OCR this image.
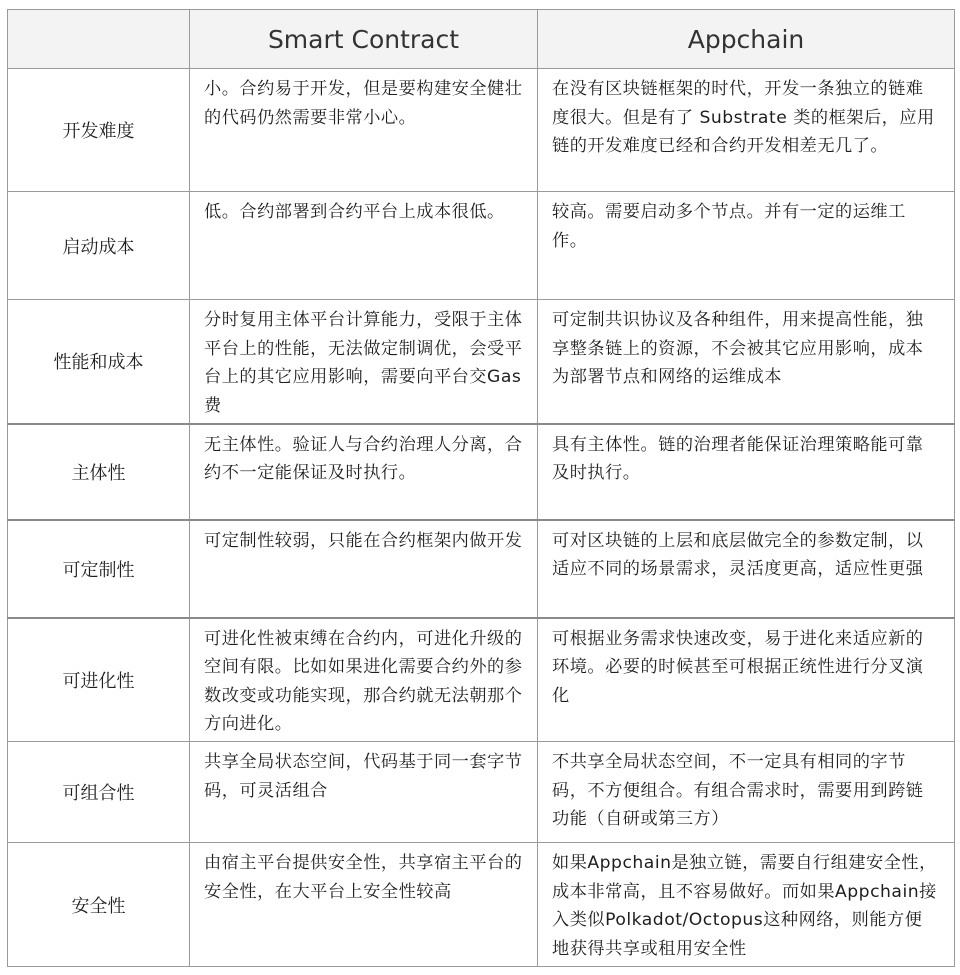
	Smart Contract	Appchain
开发难度	小。合约易于开发，但是要构建安全健壮的代码仍然需要非常小心。	在没有区块链框架的时代，开发一条独立的链难度很大。但是有了 Substrate 类的框架后，应用链的开发难度已经和合约开发相差无几了。
启动成本	低。合约部署到合约平台上成本很低。	较高。需要启动多个节点。并有一定的运维工作。
性能和成本	分时复用主体平台计算能力，受限于主体平台上的性能，无法做定制调优，会受平台上的其它应用影响，需要向平台交Gas费	可定制共识协议及各种组件，用来提高性能，独享整条链上的资源，不会被其它应用影响，成本为部署节点和网络的运维成本
主体性	无主体性。验证人与合约治理人分离，合约不一定能保证及时执行。	具有主体性。链的治理者能保证治理策略能可靠及时执行。
可定制性	可定制性较弱，只能在合约框架内做开发	可对区块链的上层和底层做完全的参数定制，以适应不同的场景需求，灵活度更高，适应性更强
可进化性	可进化性被束缚在合约内，可进化升级的空间有限。比如如果进化需要合约外的参数改变或功能实现，那合约就无法朝那个方向进化。	可根据业务需求快速改变，易于进化来适应新的环境。必要的时候甚至可根据正统性进行分叉演化
可组合性	共享全局状态空间，代码基于同一套字节码，可灵活组合	不共享全局状态空间，不一定具有相同的字节码，不方便组合。有组合需求时，需要用到跨链功能（自研或第三方）
安全性	由宿主平台提供安全性，共享宿主平台的安全性，在大平台上安全性较高	如果Appchain是独立链，需要自行组建安全性，成本非常高，且不容易做好。而如果Appchain接入类似Polkadot/Octopus这种网络，则能方便地获得共享或租用安全性
